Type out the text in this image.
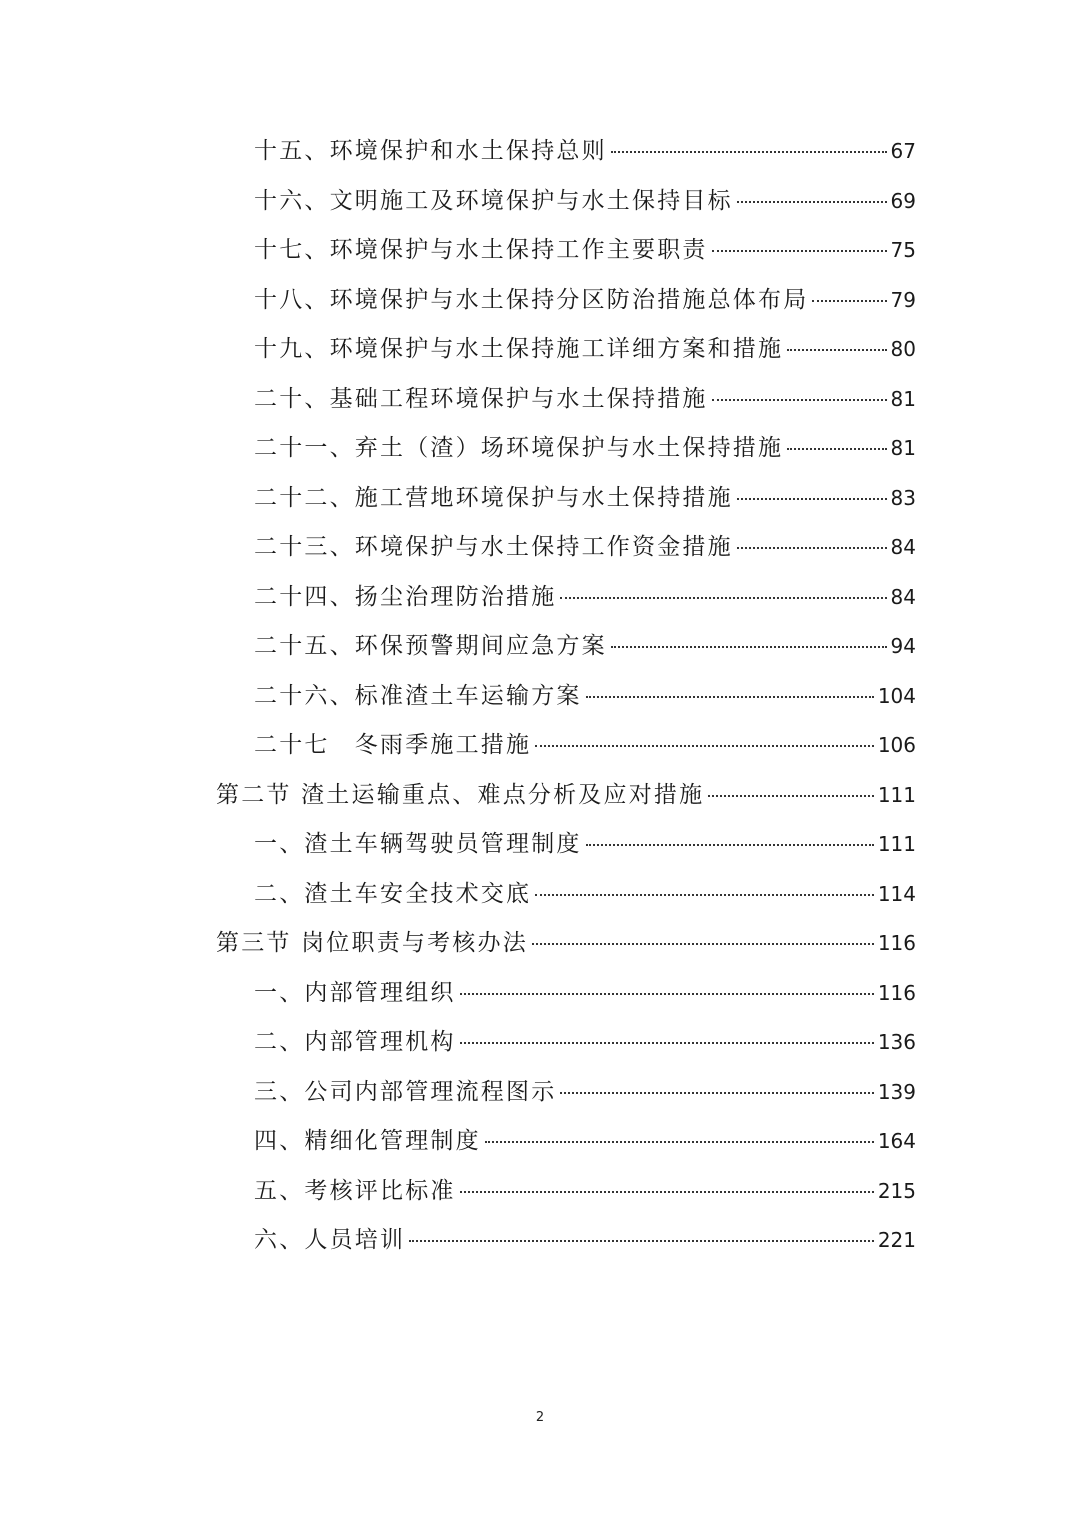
十五、环境保护和水土保持总则	67
十六、文明施工及环境保护与水土保持目标	69
十七、环境保护与水土保持工作主要职责	75
十八、环境保护与水土保持分区防治措施总体布局	79
十九、环境保护与水土保持施工详细方案和措施	80
二十、基础工程环境保护与水土保持措施	81
二十一、弃土（渣）场环境保护与水土保持措施	81
二十二、施工营地环境保护与水土保持措施	83
二十三、环境保护与水土保持工作资金措施	84
二十四、扬尘治理防治措施	84
二十五、环保预警期间应急方案	94
二十六、标准渣土车运输方案	104
二十七　冬雨季施工措施	106
第二节 渣土运输重点、难点分析及应对措施	111
一、渣土车辆驾驶员管理制度	111
二、渣土车安全技术交底	114
第三节 岗位职责与考核办法	116
一、内部管理组织	116
二、内部管理机构	136
三、公司内部管理流程图示	139
四、精细化管理制度	164
五、考核评比标准	215
六、人员培训	221
2
